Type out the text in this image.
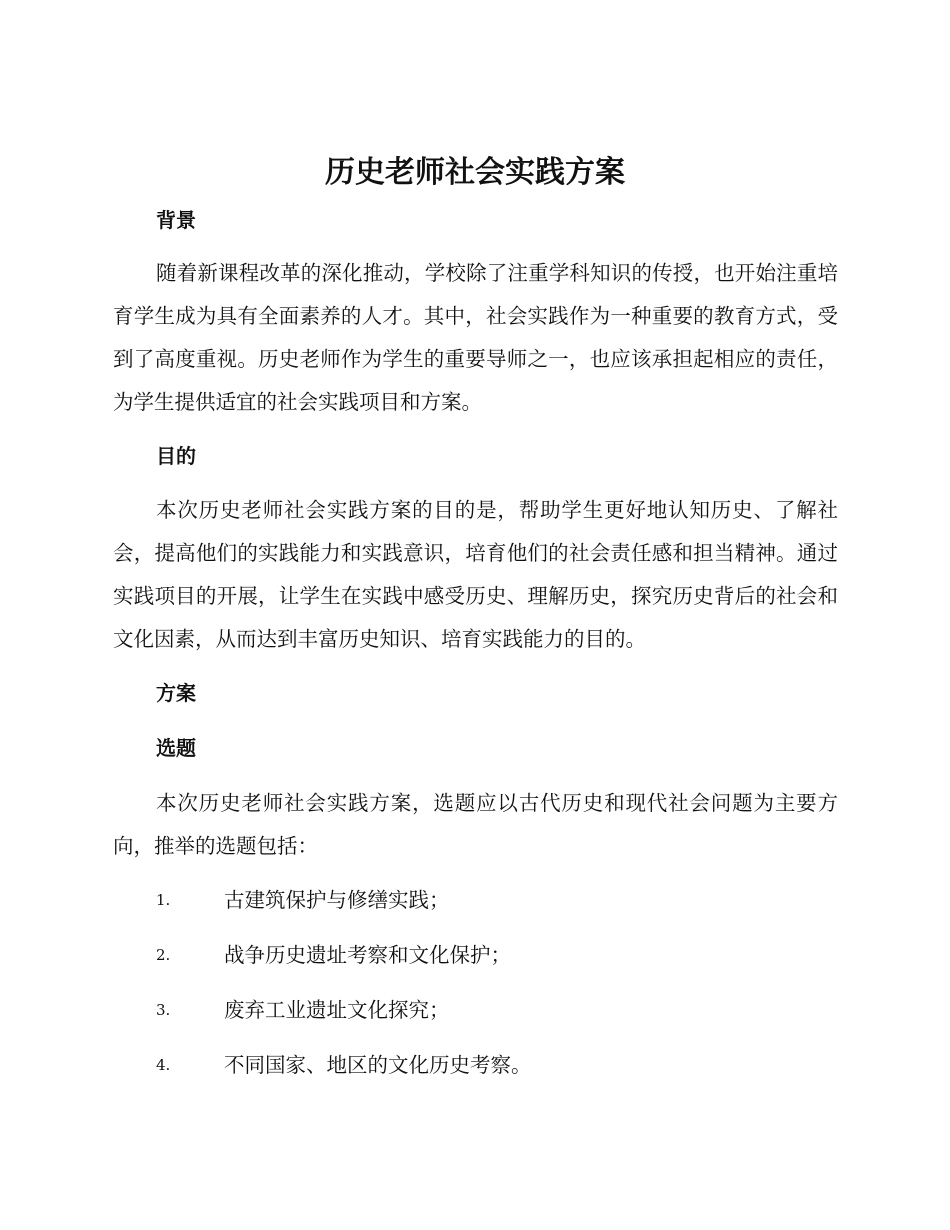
历史老师社会实践方案
背景

随着新课程改革的深化推动，学校除了注重学科知识的传授，也开始注重培育学生成为具有全面素养的人才。其中，社会实践作为一种重要的教育方式，受到了高度重视。历史老师作为学生的重要导师之一，也应该承担起相应的责任，为学生提供适宜的社会实践项目和方案。

目的

本次历史老师社会实践方案的目的是，帮助学生更好地认知历史、了解社会，提高他们的实践能力和实践意识，培育他们的社会责任感和担当精神。通过实践项目的开展，让学生在实践中感受历史、理解历史，探究历史背后的社会和文化因素，从而达到丰富历史知识、培育实践能力的目的。

方案
选题

本次历史老师社会实践方案，选题应以古代历史和现代社会问题为主要方向，推举的选题包括：

1.	古建筑保护与修缮实践；
2.	战争历史遗址考察和文化保护；
3.	废弃工业遗址文化探究；
4.	不同国家、地区的文化历史考察。
